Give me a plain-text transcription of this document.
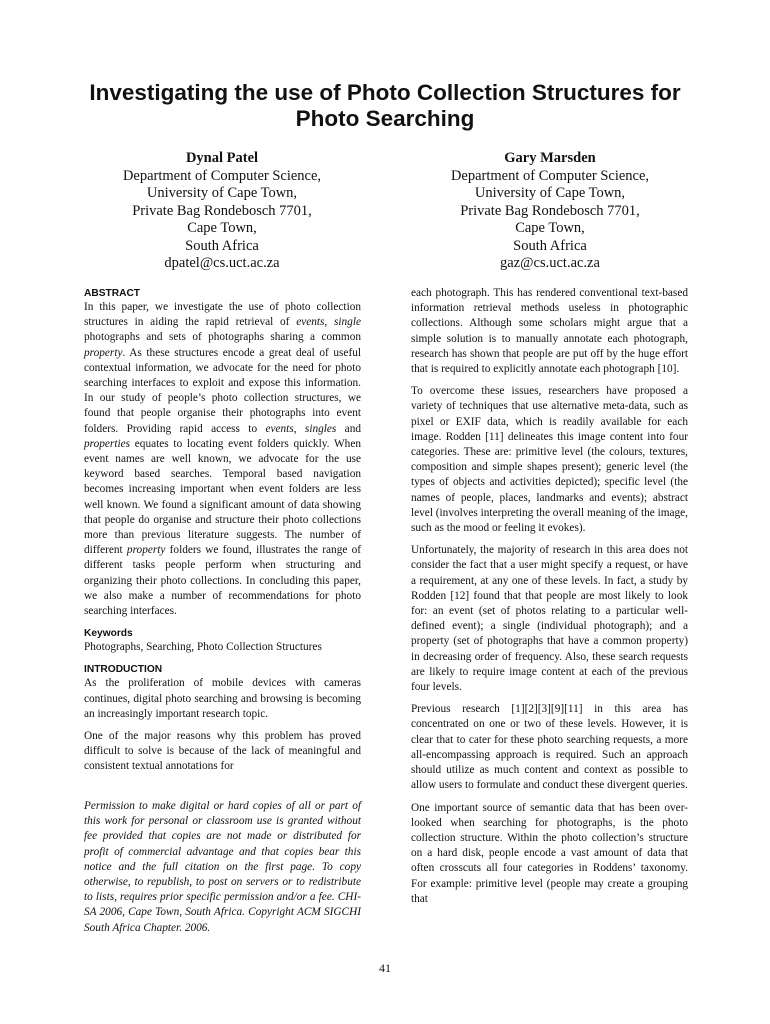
Investigating the use of Photo Collection Structures for Photo Searching
Dynal Patel
Department of Computer Science,
University of Cape Town,
Private Bag Rondebosch 7701,
Cape Town,
South Africa
dpatel@cs.uct.ac.za
Gary Marsden
Department of Computer Science,
University of Cape Town,
Private Bag Rondebosch 7701,
Cape Town,
South Africa
gaz@cs.uct.ac.za
ABSTRACT

In this paper, we investigate the use of photo collection structures in aiding the rapid retrieval of events, single photographs and sets of photographs sharing a common property. As these structures encode a great deal of useful contextual information, we advocate for the need for photo searching interfaces to exploit and expose this information. In our study of people’s photo collection structures, we found that people organise their photographs into event folders. Providing rapid access to events, singles and properties equates to locating event folders quickly. When event names are well known, we advocate for the use keyword based searches. Temporal based navigation becomes increasing important when event folders are less well known. We found a significant amount of data showing that people do organise and structure their photo collections more than previous literature suggests. The number of different property folders we found, illustrates the range of different tasks people perform when structuring and organizing their photo collections. In concluding this paper, we also make a number of recommendations for photo searching interfaces.

Keywords

Photographs, Searching, Photo Collection Structures

INTRODUCTION

As the proliferation of mobile devices with cameras continues, digital photo searching and browsing is becoming an increasingly important research topic.

One of the major reasons why this problem has proved difficult to solve is because of the lack of meaningful and consistent textual annotations for

Permission to make digital or hard copies of all or part of this work for personal or classroom use is granted without fee provided that copies are not made or distributed for profit of commercial advantage and that copies bear this notice and the full citation on the first page. To copy otherwise, to republish, to post on servers or to redistribute to lists, requires prior specific permission and/or a fee. CHI-SA 2006, Cape Town, South Africa. Copyright ACM SIGCHI South Africa Chapter. 2006.

each photograph. This has rendered conventional text-based information retrieval methods useless in photographic collections. Although some scholars might argue that a simple solution is to manually annotate each photograph, research has shown that people are put off by the huge effort that is required to explicitly annotate each photograph [10].

To overcome these issues, researchers have proposed a variety of techniques that use alternative meta-data, such as pixel or EXIF data, which is readily available for each image. Rodden [11] delineates this image content into four categories. These are: primitive level (the colours, textures, composition and simple shapes present); generic level (the types of objects and activities depicted); specific level (the names of people, places, landmarks and events); abstract level (involves interpreting the overall meaning of the image, such as the mood or feeling it evokes).

Unfortunately, the majority of research in this area does not consider the fact that a user might specify a request, or have a requirement, at any one of these levels. In fact, a study by Rodden [12] found that that people are most likely to look for: an event (set of photos relating to a particular well-defined event); a single (individual photograph); and a property (set of photographs that have a common property) in decreasing order of frequency. Also, these search requests are likely to require image content at each of the previous four levels.

Previous research [1][2][3][9][11] in this area has concentrated on one or two of these levels. However, it is clear that to cater for these photo searching requests, a more all-encompassing approach is required. Such an approach should utilize as much content and context as possible to allow users to formulate and conduct these divergent queries.

One important source of semantic data that has been over-looked when searching for photographs, is the photo collection structure. Within the photo collection’s structure on a hard disk, people encode a vast amount of data that often crosscuts all four categories in Roddens’ taxonomy. For example: primitive level (people may create a grouping that

41
